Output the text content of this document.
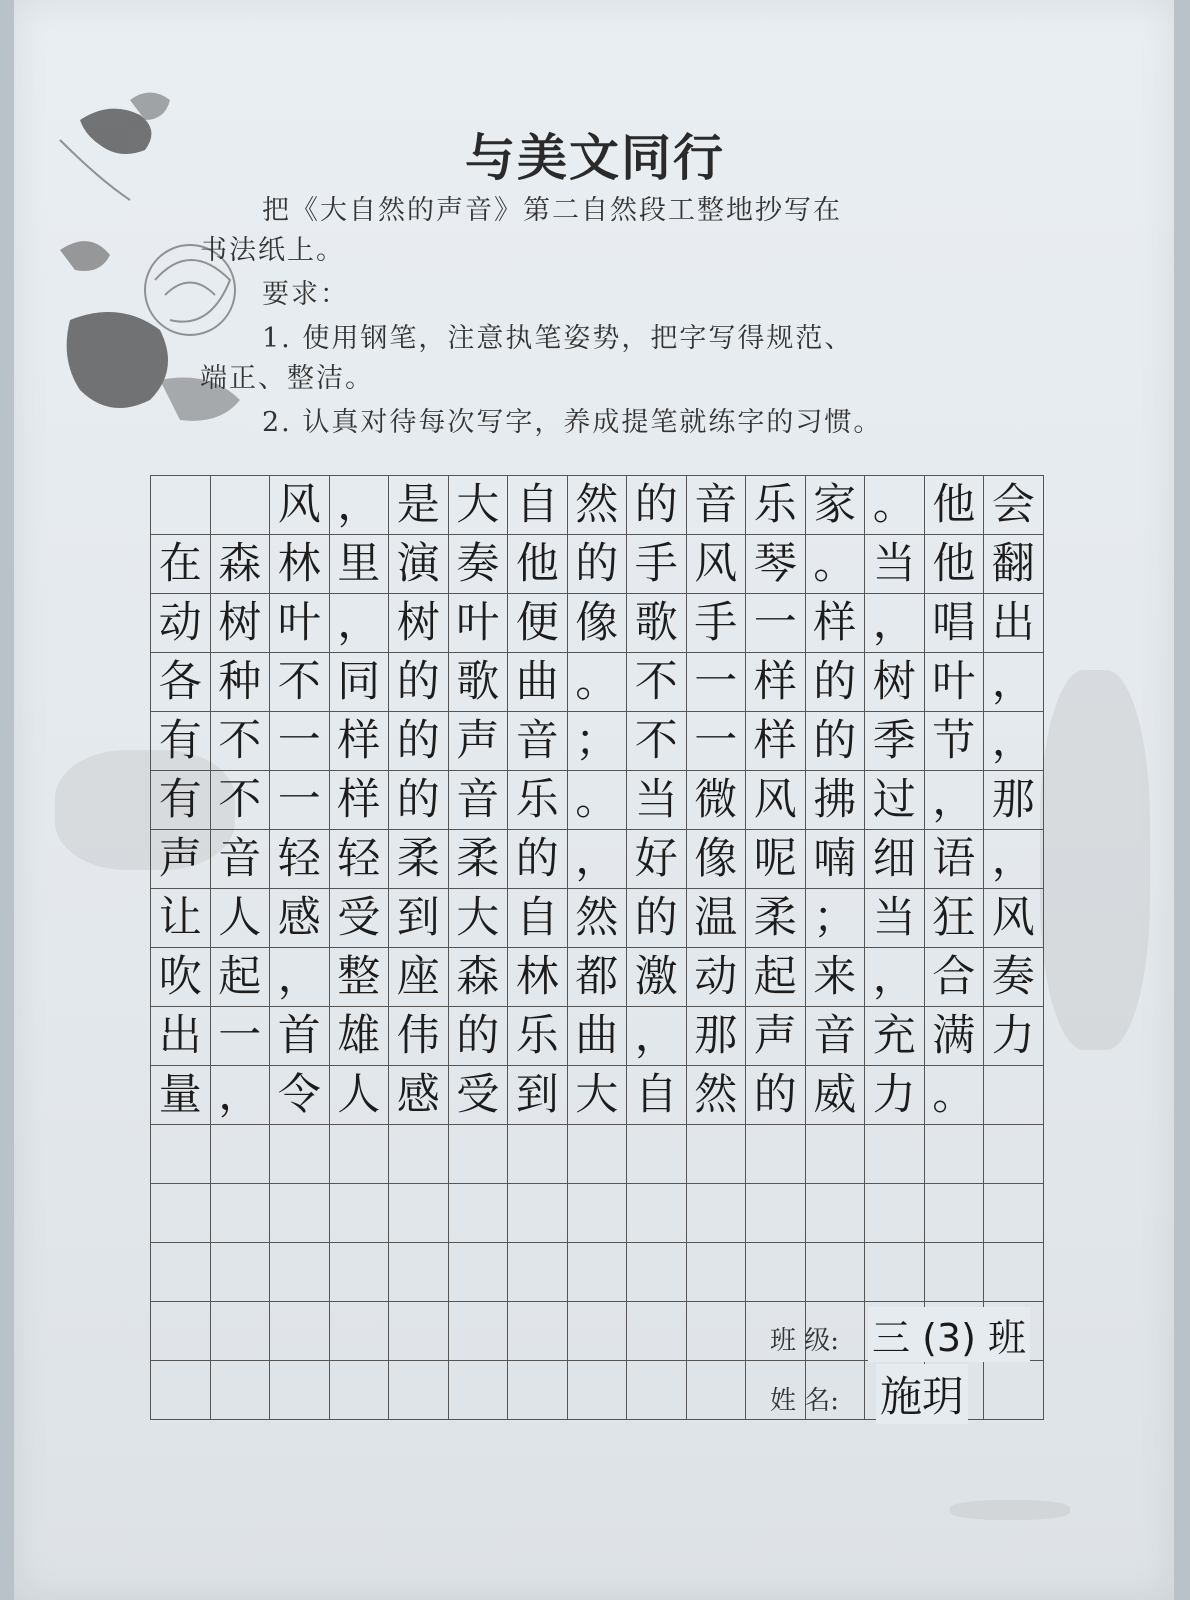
与美文同行
把《大自然的声音》第二自然段工整地抄写在
书法纸上。
要求：
1. 使用钢笔，注意执笔姿势，把字写得规范、
端正、整洁。
2. 认真对待每次写字，养成提笔就练字的习惯。
		风	，	是	大	自	然	的	音	乐	家	。	他	会
在	森	林	里	演	奏	他	的	手	风	琴	。	当	他	翻
动	树	叶	，	树	叶	便	像	歌	手	一	样	，	唱	出
各	种	不	同	的	歌	曲	。	不	一	样	的	树	叶	，
有	不	一	样	的	声	音	；	不	一	样	的	季	节	，
有	不	一	样	的	音	乐	。	当	微	风	拂	过	，	那
声	音	轻	轻	柔	柔	的	，	好	像	呢	喃	细	语	，
让	人	感	受	到	大	自	然	的	温	柔	；	当	狂	风
吹	起	，	整	座	森	林	都	激	动	起	来	，	合	奏
出	一	首	雄	伟	的	乐	曲	，	那	声	音	充	满	力
量	，	令	人	感	受	到	大	自	然	的	威	力	。	

班 级: 三 (3) 班
姓 名: 施玥
